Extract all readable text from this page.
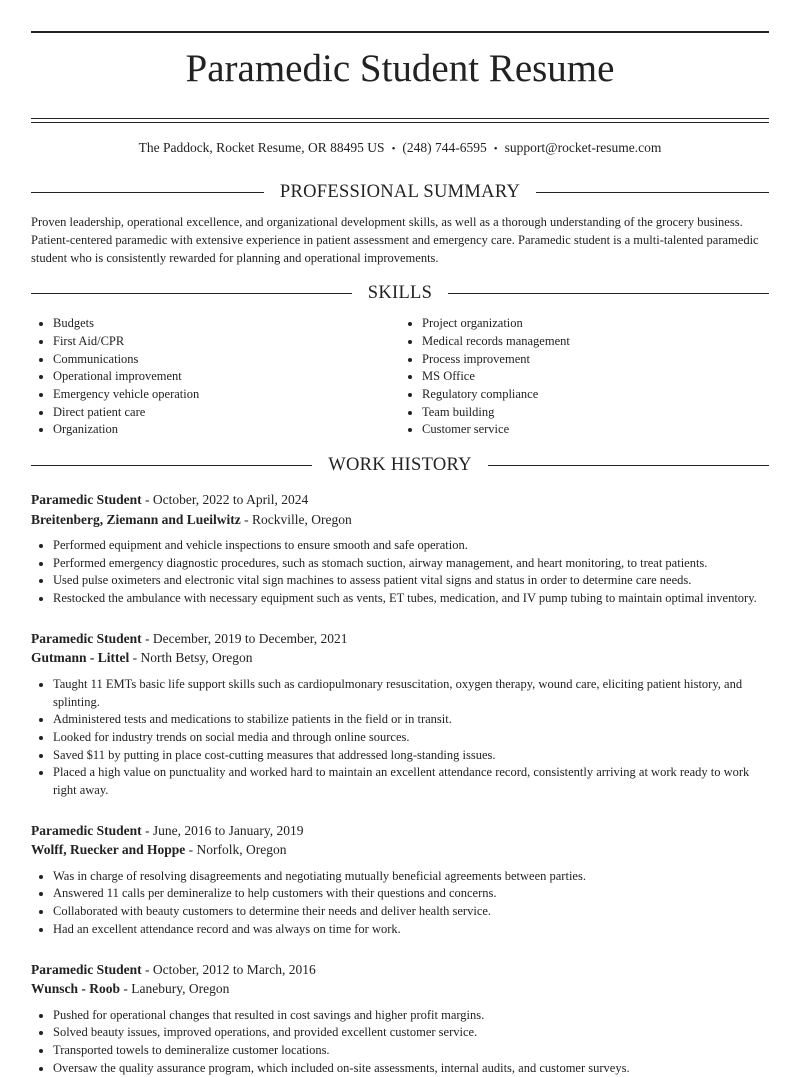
Paramedic Student Resume
The Paddock, Rocket Resume, OR 88495 US • (248) 744-6595 • support@rocket-resume.com
PROFESSIONAL SUMMARY

Proven leadership, operational excellence, and organizational development skills, as well as a thorough understanding of the grocery business. Patient-centered paramedic with extensive experience in patient assessment and emergency care. Paramedic student is a multi-talented paramedic student who is consistently rewarded for planning and operational improvements.

SKILLS
• Budgets
• First Aid/CPR
• Communications
• Operational improvement
• Emergency vehicle operation
• Direct patient care
• Organization
• Project organization
• Medical records management
• Process improvement
• MS Office
• Regulatory compliance
• Team building
• Customer service
WORK HISTORY
Paramedic Student - October, 2022 to April, 2024
Breitenberg, Ziemann and Lueilwitz - Rockville, Oregon
• Performed equipment and vehicle inspections to ensure smooth and safe operation.
• Performed emergency diagnostic procedures, such as stomach suction, airway management, and heart monitoring, to treat patients.
• Used pulse oximeters and electronic vital sign machines to assess patient vital signs and status in order to determine care needs.
• Restocked the ambulance with necessary equipment such as vents, ET tubes, medication, and IV pump tubing to maintain optimal inventory.
Paramedic Student - December, 2019 to December, 2021
Gutmann - Littel - North Betsy, Oregon
• Taught 11 EMTs basic life support skills such as cardiopulmonary resuscitation, oxygen therapy, wound care, eliciting patient history, and splinting.
• Administered tests and medications to stabilize patients in the field or in transit.
• Looked for industry trends on social media and through online sources.
• Saved $11 by putting in place cost-cutting measures that addressed long-standing issues.
• Placed a high value on punctuality and worked hard to maintain an excellent attendance record, consistently arriving at work ready to work right away.
Paramedic Student - June, 2016 to January, 2019
Wolff, Ruecker and Hoppe - Norfolk, Oregon
• Was in charge of resolving disagreements and negotiating mutually beneficial agreements between parties.
• Answered 11 calls per demineralize to help customers with their questions and concerns.
• Collaborated with beauty customers to determine their needs and deliver health service.
• Had an excellent attendance record and was always on time for work.
Paramedic Student - October, 2012 to March, 2016
Wunsch - Roob - Lanebury, Oregon
• Pushed for operational changes that resulted in cost savings and higher profit margins.
• Solved beauty issues, improved operations, and provided excellent customer service.
• Transported towels to demineralize customer locations.
• Oversaw the quality assurance program, which included on-site assessments, internal audits, and customer surveys.
